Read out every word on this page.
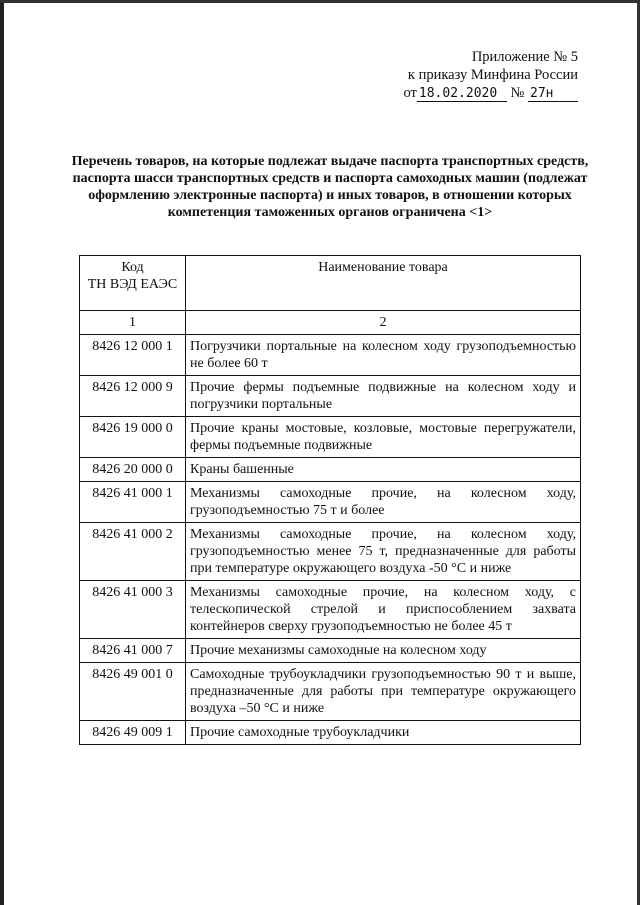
Приложение № 5
к приказу Минфина России
от 18.02.2020 № 27н
Перечень товаров, на которые подлежат выдаче паспорта транспортных средств, паспорта шасси транспортных средств и паспорта самоходных машин (подлежат оформлению электронные паспорта) и иных товаров, в отношении которых компетенция таможенных органов ограничена <1>
Код
ТН ВЭД ЕАЭС	Наименование товара
1	2
8426 12 000 1	Погрузчики портальные на колесном ходу грузоподъемностью не более 60 т
8426 12 000 9	Прочие фермы подъемные подвижные на колесном ходу и погрузчики портальные
8426 19 000 0	Прочие краны мостовые, козловые, мостовые перегружатели, фермы подъемные подвижные
8426 20 000 0	Краны башенные
8426 41 000 1	Механизмы самоходные прочие, на колесном ходу, грузоподъемностью 75 т и более
8426 41 000 2	Механизмы самоходные прочие, на колесном ходу, грузоподъемностью менее 75 т, предназначенные для работы при температуре окружающего воздуха -50 °C и ниже
8426 41 000 3	Механизмы самоходные прочие, на колесном ходу, с телескопической стрелой и приспособлением захвата контейнеров сверху грузоподъемностью не более 45 т
8426 41 000 7	Прочие механизмы самоходные на колесном ходу
8426 49 001 0	Самоходные трубоукладчики грузоподъемностью 90 т и выше, предназначенные для работы при температуре окружающего воздуха –50 °C и ниже
8426 49 009 1	Прочие самоходные трубоукладчики
